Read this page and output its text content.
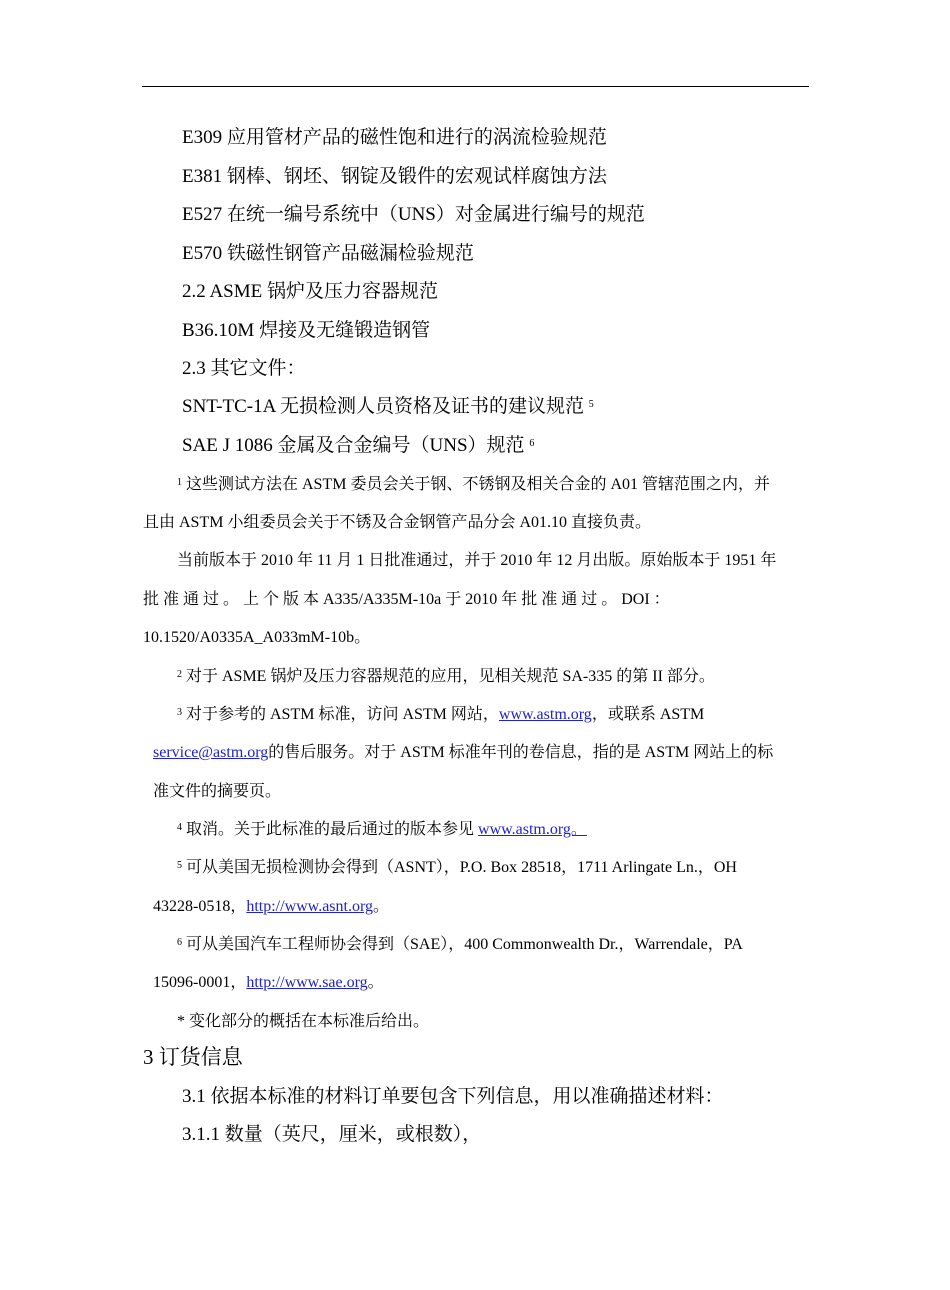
E309 应用管材产品的磁性饱和进行的涡流检验规范
E381 钢棒、钢坯、钢锭及锻件的宏观试样腐蚀方法
E527 在统一编号系统中（UNS）对金属进行编号的规范
E570 铁磁性钢管产品磁漏检验规范
2.2 ASME 锅炉及压力容器规范
B36.10M 焊接及无缝锻造钢管
2.3 其它文件：
SNT-TC-1A 无损检测人员资格及证书的建议规范 $^5$
SAE J 1086 金属及合金编号（UNS）规范 $^6$
$^1$ 这些测试方法在 ASTM 委员会关于钢、不锈钢及相关合金的 A01 管辖范围之内，并
且由 ASTM 小组委员会关于不锈及合金钢管产品分会 A01.10 直接负责。
当前版本于 2010 年 11 月 1 日批准通过，并于 2010 年 12 月出版。原始版本于 1951 年
批 准 通 过 。 上 个 版 本 A335/A335M-10a 于 2010 年 批 准 通 过 。 DOI ：
10.1520/A0335A_A033mM-10b。
$^2$ 对于 ASME 锅炉及压力容器规范的应用，见相关规范 SA-335 的第 II 部分。
$^3$ 对于参考的 ASTM 标准，访问 ASTM 网站，www.astm.org，或联系 ASTM
service@astm.org的售后服务。对于 ASTM 标准年刊的卷信息，指的是 ASTM 网站上的标
准文件的摘要页。
$^4$ 取消。关于此标准的最后通过的版本参见 www.astm.org。
$^5$ 可从美国无损检测协会得到（ASNT），P.O. Box 28518，1711 Arlingate Ln.，OH
43228-0518，http://www.asnt.org。
$^6$ 可从美国汽车工程师协会得到（SAE），400 Commonwealth Dr.，Warrendale，PA
15096-0001，http://www.sae.org。
* 变化部分的概括在本标准后给出。
3 订货信息
3.1 依据本标准的材料订单要包含下列信息，用以准确描述材料：
3.1.1 数量（英尺，厘米，或根数），
